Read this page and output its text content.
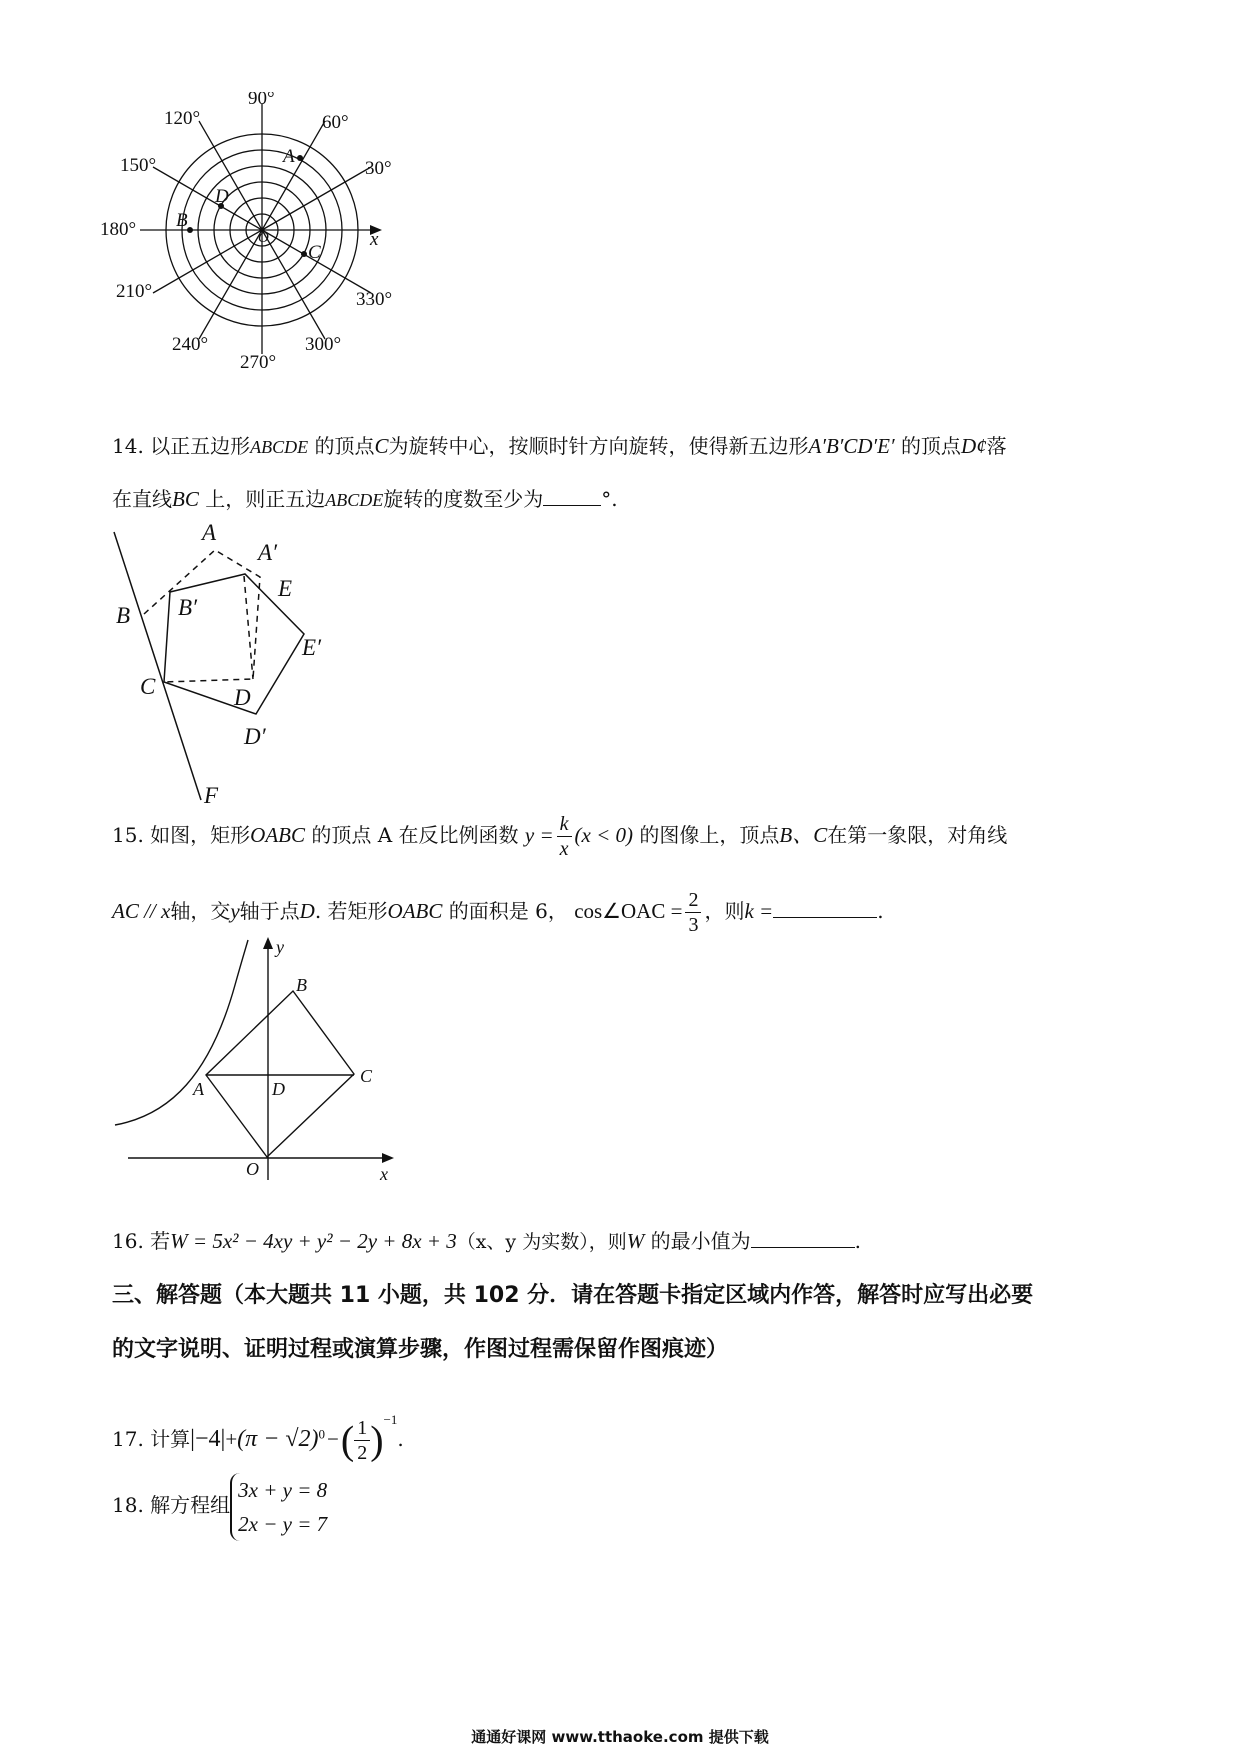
90°
60°
30°
120°
150°
180°
210°
240°
270°
300°
330°
A
B
C
D
O	x
14. 以正五边形ABCDE 的顶点C为旋转中心，按顺时针方向旋转，使得新五边形A′B′CD′E′ 的顶点D¢落
在直线BC 上，则正五边ABCDE旋转的度数至少为	°.
A
A′
B B′
E
E′
C	D
D′
F
15. 如图，矩形OABC 的顶点 A 在反比例函数 $y = \frac{k}{x} (x < 0)$ 的图像上，顶点B、C在第一象限，对角线
AC // x轴，交y轴于点D. 若矩形OABC 的面积是 6， cos∠OAC = $\frac{2}{3}$ ，则k =	.
y
x
O
A
B
C
D
16. 若W = 5x² − 4xy + y² − 2y + 8x + 3（x、y 为实数），则W 的最小值为	.
三、解答题（本大题共 11 小题，共 102 分．请在答题卡指定区域内作答，解答时应写出必要
的文字说明、证明过程或演算步骤，作图过程需保留作图痕迹）
17. 计算$|-4|+(\pi - √2)^0-( \frac{1}{2} )^{-1}$.
18. 解方程组
3x + y = 8
2x − y = 7
通通好课网 www.tthaoke.com 提供下载
